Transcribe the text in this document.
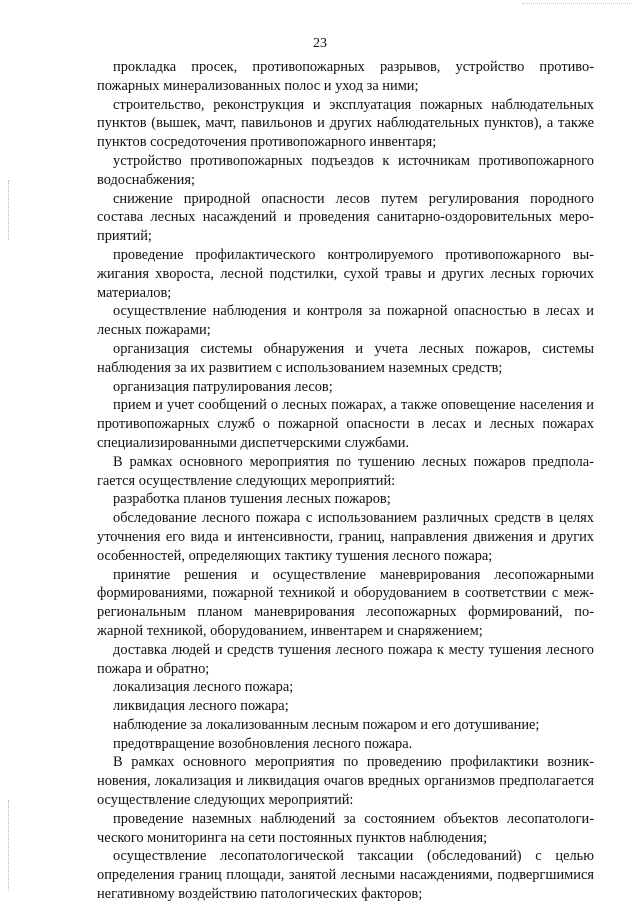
23

прокладка просек, противопожарных разрывов, устройство противопожарных минерализованных полос и уход за ними;

строительство, реконструкция и эксплуатация пожарных наблюдательных пунктов (вышек, мачт, павильонов и других наблюдательных пунктов), а также пунктов сосредоточения противопожарного инвентаря;

устройство противопожарных подъездов к источникам противопожарного водоснабжения;

снижение природной опасности лесов путем регулирования породного состава лесных насаждений и проведения санитарно-оздоровительных мероприятий;

проведение профилактического контролируемого противопожарного выжигания хвороста, лесной подстилки, сухой травы и других лесных горючих материалов;

осуществление наблюдения и контроля за пожарной опасностью в лесах и лесных пожарами;

организация системы обнаружения и учета лесных пожаров, системы наблюдения за их развитием с использованием наземных средств;

организация патрулирования лесов;

прием и учет сообщений о лесных пожарах, а также оповещение населения и противопожарных служб о пожарной опасности в лесах и лесных пожарах специализированными диспетчерскими службами.

В рамках основного мероприятия по тушению лесных пожаров предполагается осуществление следующих мероприятий:

разработка планов тушения лесных пожаров;

обследование лесного пожара с использованием различных средств в целях уточнения его вида и интенсивности, границ, направления движения и других особенностей, определяющих тактику тушения лесного пожара;

принятие решения и осуществление маневрирования лесопожарными формированиями, пожарной техникой и оборудованием в соответствии с межрегиональным планом маневрирования лесопожарных формирований, пожарной техникой, оборудованием, инвентарем и снаряжением;

доставка людей и средств тушения лесного пожара к месту тушения лесного пожара и обратно;

локализация лесного пожара;

ликвидация лесного пожара;

наблюдение за локализованным лесным пожаром и его дотушивание;

предотвращение возобновления лесного пожара.

В рамках основного мероприятия по проведению профилактики возникновения, локализация и ликвидация очагов вредных организмов предполагается осуществление следующих мероприятий:

проведение наземных наблюдений за состоянием объектов лесопатологического мониторинга на сети постоянных пунктов наблюдения;

осуществление лесопатологической таксации (обследований) с целью определения границ площади, занятой лесными насаждениями, подвергшимися негативному воздействию патологических факторов;
